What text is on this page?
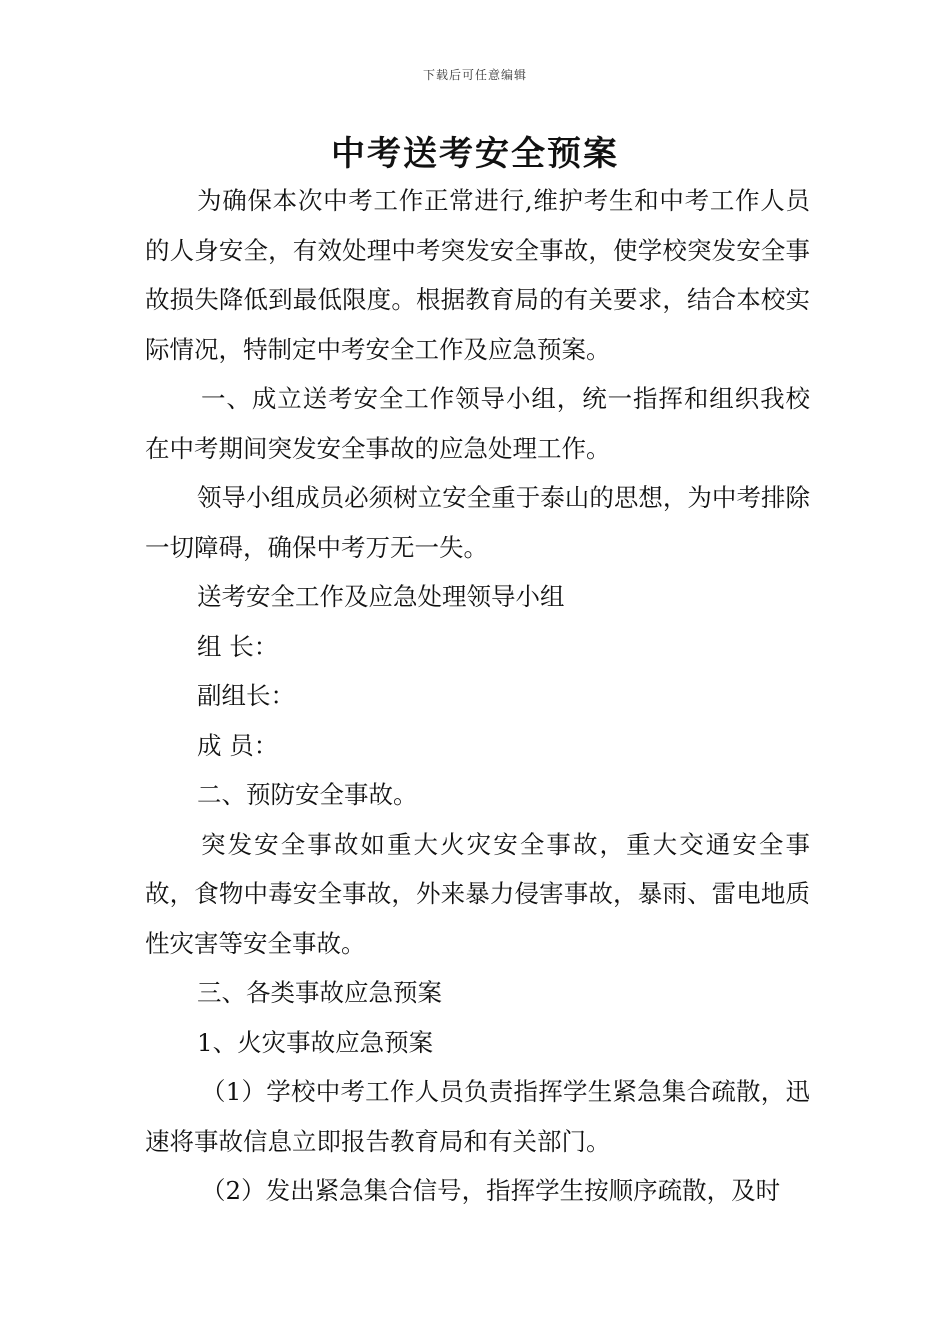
下载后可任意编辑
中考送考安全预案

为确保本次中考工作正常进行,维护考生和中考工作人员的人身安全，有效处理中考突发安全事故，使学校突发安全事故损失降低到最低限度。根据教育局的有关要求，结合本校实际情况，特制定中考安全工作及应急预案。

一、成立送考安全工作领导小组，统一指挥和组织我校在中考期间突发安全事故的应急处理工作。

领导小组成员必须树立安全重于泰山的思想，为中考排除一切障碍，确保中考万无一失。

送考安全工作及应急处理领导小组

组 长：

副组长：

成 员：

二、预防安全事故。

突发安全事故如重大火灾安全事故，重大交通安全事故，食物中毒安全事故，外来暴力侵害事故，暴雨、雷电地质性灾害等安全事故。

三、各类事故应急预案

1、火灾事故应急预案

（1）学校中考工作人员负责指挥学生紧急集合疏散，迅速将事故信息立即报告教育局和有关部门。

（2）发出紧急集合信号，指挥学生按顺序疏散，及时
